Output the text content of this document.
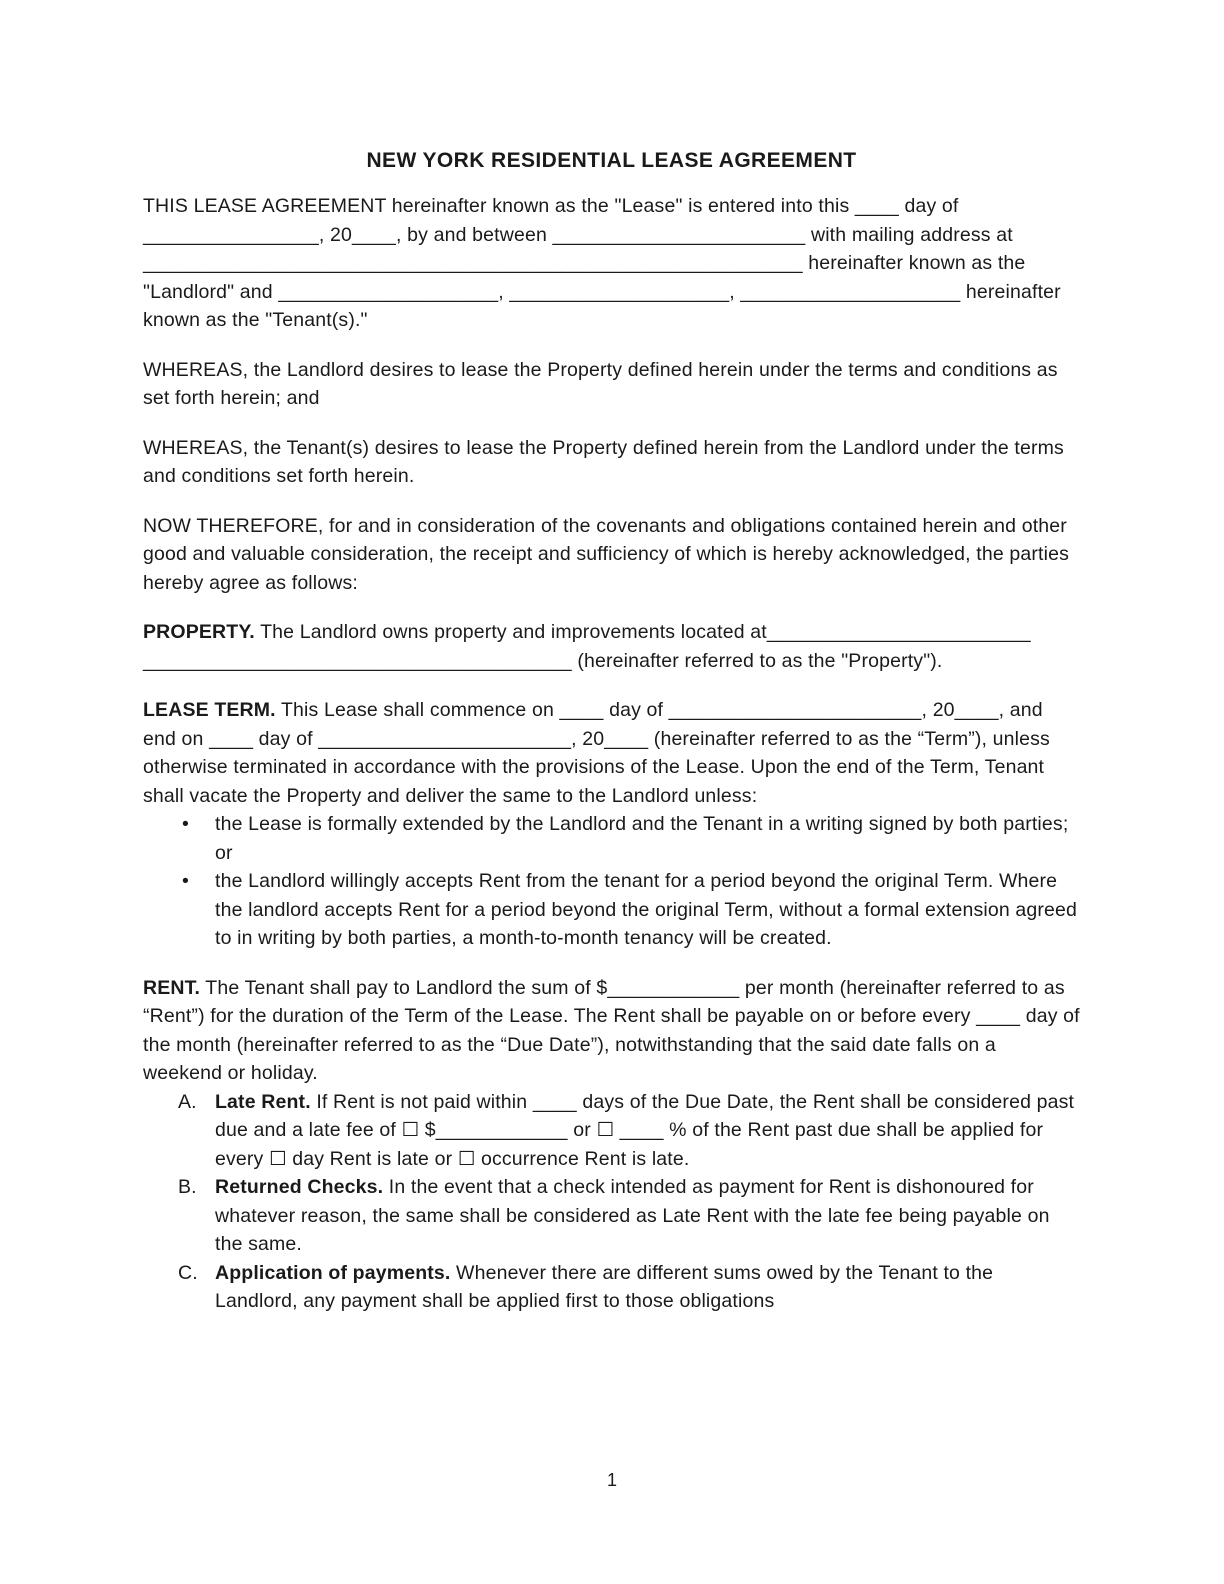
NEW YORK RESIDENTIAL LEASE AGREEMENT

THIS LEASE AGREEMENT hereinafter known as the "Lease" is entered into this ____ day of ________________, 20____, by and between _______________________ with mailing address at ____________________________________________________________ hereinafter known as the "Landlord" and ____________________, ____________________, ____________________ hereinafter known as the "Tenant(s)."

WHEREAS, the Landlord desires to lease the Property defined herein under the terms and conditions as set forth herein; and

WHEREAS, the Tenant(s) desires to lease the Property defined herein from the Landlord under the terms and conditions set forth herein.

NOW THEREFORE, for and in consideration of the covenants and obligations contained herein and other good and valuable consideration, the receipt and sufficiency of which is hereby acknowledged, the parties hereby agree as follows:

PROPERTY. The Landlord owns property and improvements located at________________________ _______________________________________ (hereinafter referred to as the "Property").

LEASE TERM. This Lease shall commence on ____ day of _______________________, 20____, and end on ____ day of _______________________, 20____ (hereinafter referred to as the “Term”), unless otherwise terminated in accordance with the provisions of the Lease. Upon the end of the Term, Tenant shall vacate the Property and deliver the same to the Landlord unless:

•	the Lease is formally extended by the Landlord and the Tenant in a writing signed by both parties; or
•	the Landlord willingly accepts Rent from the tenant for a period beyond the original Term. Where the landlord accepts Rent for a period beyond the original Term, without a formal extension agreed to in writing by both parties, a month-to-month tenancy will be created.

RENT. The Tenant shall pay to Landlord the sum of $____________ per month (hereinafter referred to as “Rent”) for the duration of the Term of the Lease. The Rent shall be payable on or before every ____ day of the month (hereinafter referred to as the “Due Date”), notwithstanding that the said date falls on a weekend or holiday.

A. Late Rent. If Rent is not paid within ____ days of the Due Date, the Rent shall be considered past due and a late fee of ☐ $____________ or ☐ ____ % of the Rent past due shall be applied for every ☐ day Rent is late or ☐ occurrence Rent is late.
B. Returned Checks. In the event that a check intended as payment for Rent is dishonoured for whatever reason, the same shall be considered as Late Rent with the late fee being payable on the same.
C. Application of payments. Whenever there are different sums owed by the Tenant to the Landlord, any payment shall be applied first to those obligations
1
